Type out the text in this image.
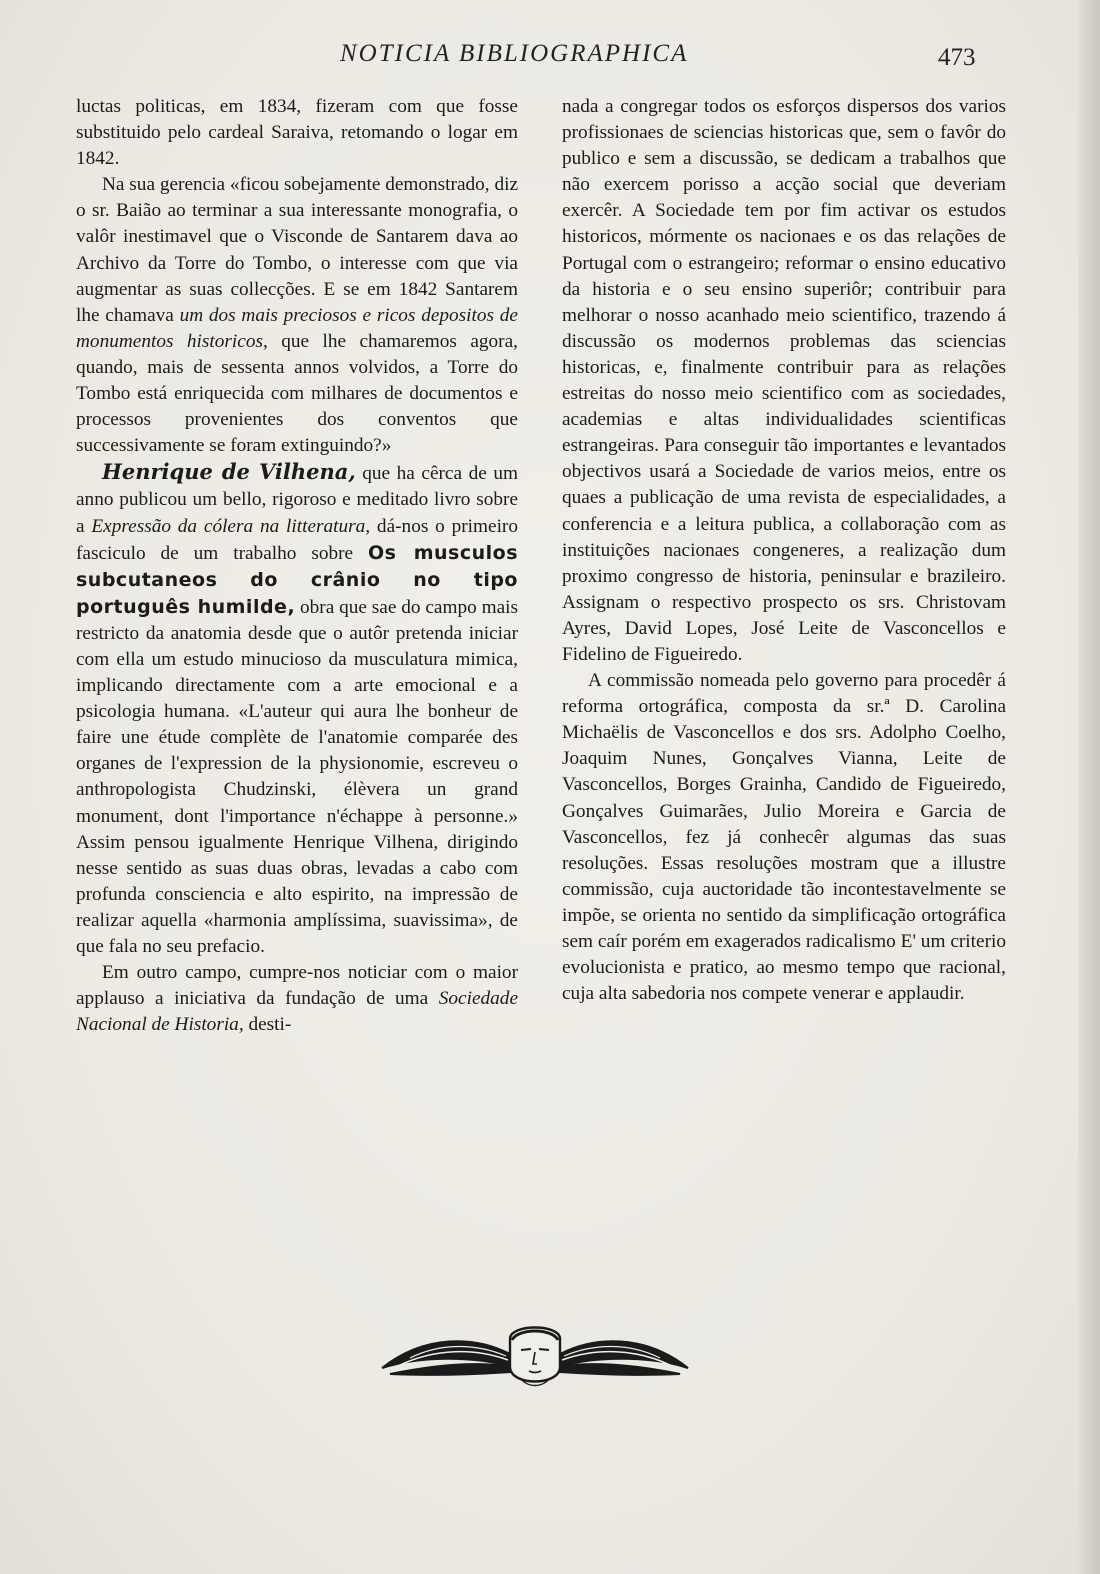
NOTICIA BIBLIOGRAPHICA	473

luctas politicas, em 1834, fizeram com que fosse substituido pelo cardeal Saraiva, retomando o logar em 1842.

Na sua gerencia «ficou sobejamente demonstrado, diz o sr. Baião ao terminar a sua interessante monografia, o valôr inestimavel que o Visconde de Santarem dava ao Archivo da Torre do Tombo, o interesse com que via augmentar as suas collecções. E se em 1842 Santarem lhe chamava um dos mais preciosos e ricos depositos de monumentos historicos, que lhe chamaremos agora, quando, mais de sessenta annos volvidos, a Torre do Tombo está enriquecida com milhares de documentos e processos provenientes dos conventos que successivamente se foram extinguindo?»

Henrique de Vilhena, que ha cêrca de um anno publicou um bello, rigoroso e meditado livro sobre a Expressão da cólera na litteratura, dá-nos o primeiro fasciculo de um trabalho sobre Os musculos subcutaneos do crânio no tipo português humilde, obra que sae do campo mais restricto da anatomia desde que o autôr pretenda iniciar com ella um estudo minucioso da musculatura mimica, implicando directamente com a arte emocional e a psicologia humana. «L'auteur qui aura lhe bonheur de faire une étude complète de l'anatomie comparée des organes de l'expression de la physionomie, escreveu o anthropologista Chudzinski, élèvera un grand monument, dont l'importance n'échappe à personne.» Assim pensou igualmente Henrique Vilhena, dirigindo nesse sentido as suas duas obras, levadas a cabo com profunda consciencia e alto espirito, na impressão de realizar aquella «harmonia amplíssima, suavissima», de que fala no seu prefacio.

Em outro campo, cumpre-nos noticiar com o maior applauso a iniciativa da fundação de uma Sociedade Nacional de Historia, desti-

nada a congregar todos os esforços dispersos dos varios profissionaes de sciencias historicas que, sem o favôr do publico e sem a discussão, se dedicam a trabalhos que não exercem porisso a acção social que deveriam exercêr. A Sociedade tem por fim activar os estudos historicos, mórmente os nacionaes e os das relações de Portugal com o estrangeiro; reformar o ensino educativo da historia e o seu ensino superiôr; contribuir para melhorar o nosso acanhado meio scientifico, trazendo á discussão os modernos problemas das sciencias historicas, e, finalmente contribuir para as relações estreitas do nosso meio scientifico com as sociedades, academias e altas individualidades scientificas estrangeiras. Para conseguir tão importantes e levantados objectivos usará a Sociedade de varios meios, entre os quaes a publicação de uma revista de especialidades, a conferencia e a leitura publica, a collaboração com as instituições nacionaes congeneres, a realização dum proximo congresso de historia, peninsular e brazileiro. Assignam o respectivo prospecto os srs. Christovam Ayres, David Lopes, José Leite de Vasconcellos e Fidelino de Figueiredo.

A commissão nomeada pelo governo para procedêr á reforma ortográfica, composta da sr.ª D. Carolina Michaëlis de Vasconcellos e dos srs. Adolpho Coelho, Joaquim Nunes, Gonçalves Vianna, Leite de Vasconcellos, Borges Grainha, Candido de Figueiredo, Gonçalves Guimarães, Julio Moreira e Garcia de Vasconcellos, fez já conhecêr algumas das suas resoluções. Essas resoluções mostram que a illustre commissão, cuja auctoridade tão incontestavelmente se impõe, se orienta no sentido da simplificação ortográfica sem caír porém em exagerados radicalismo E' um criterio evolucionista e pratico, ao mesmo tempo que racional, cuja alta sabedoria nos compete venerar e applaudir.
